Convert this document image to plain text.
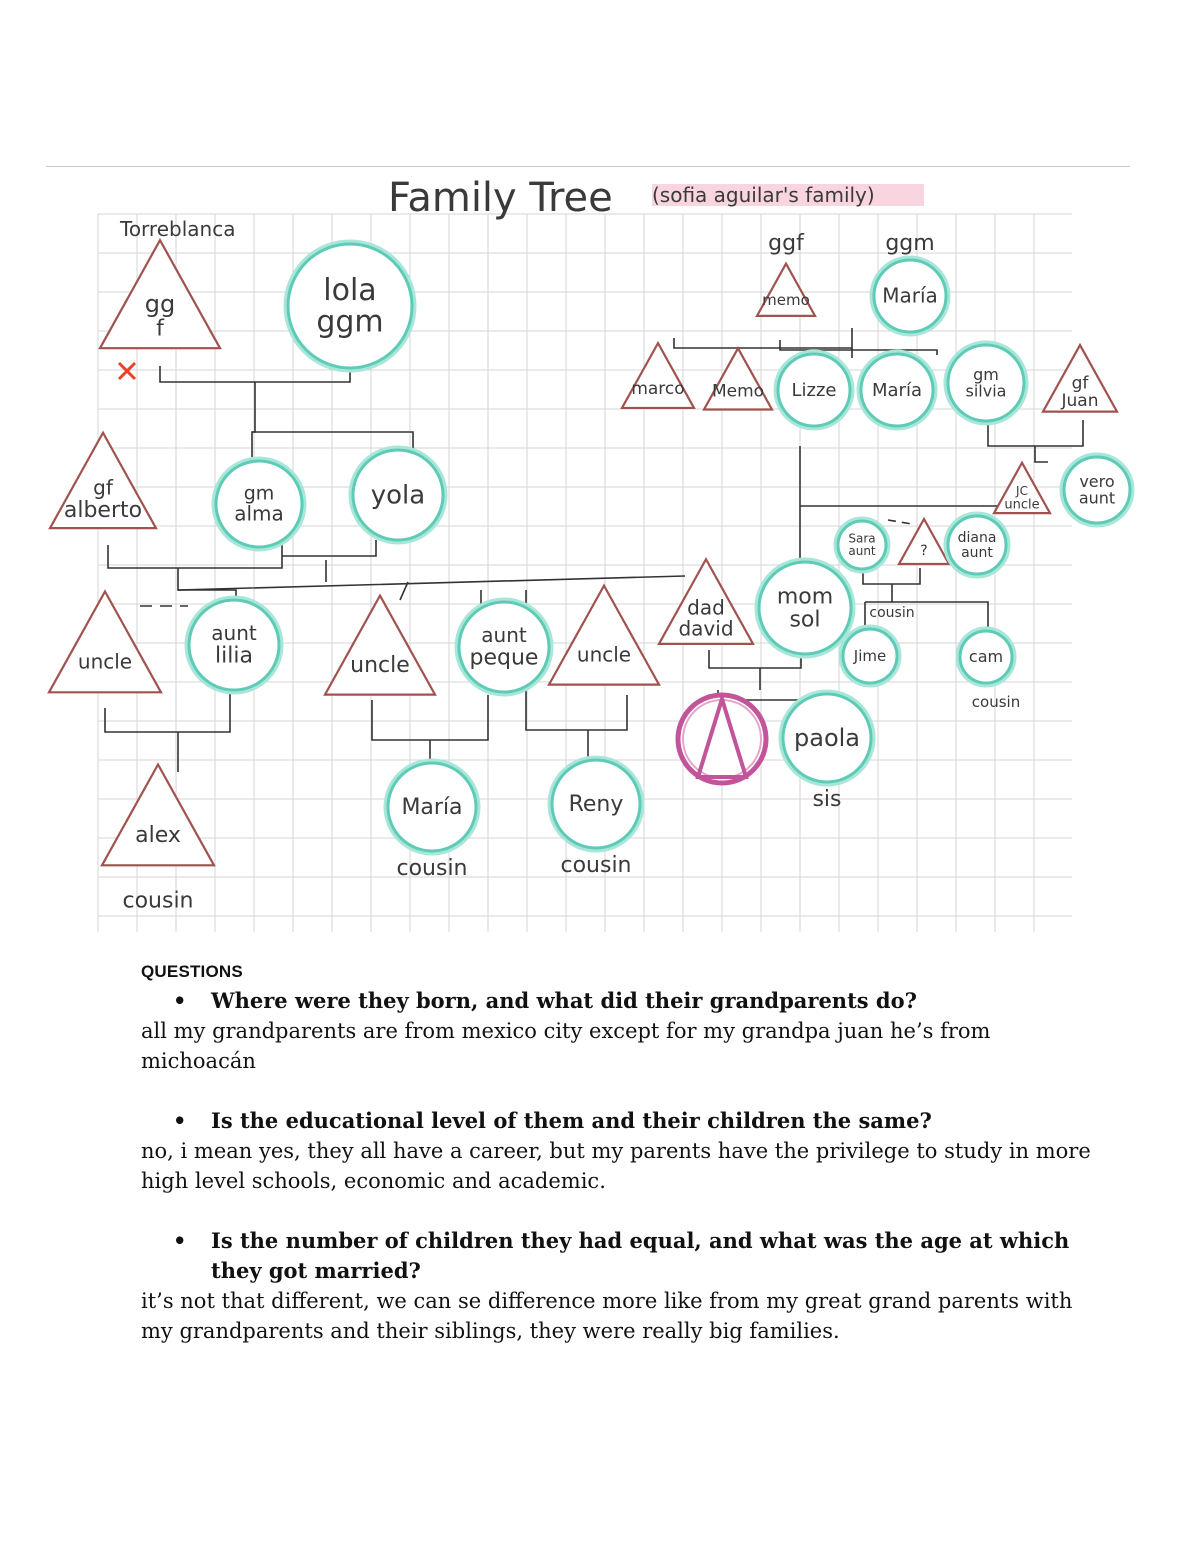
Family Tree (sofia aguilar's family)
Torreblanca
gg
f
lola
ggm
memo
ggf
María
ggm
marco Memo Lizze María
gm
silvia	gf
Juan
gf
alberto
gm
alma
yola	JC
uncle
vero
aunt
Sara
aunt	?
diana
aunt
uncle
aunt
lilia	uncle
aunt
peque uncle
dad
david
mom
sol
Jime
cousin
cam
cousin
paola
sis
alex
cousin
María
cousin
Reny
cousin
QUESTIONS
•	Where were they born, and what did their grandparents do?

all my grandparents are from mexico city except for my grandpa juan he’s from michoacán

•	Is the educational level of them and their children the same?

no, i mean yes, they all have a career, but my parents have the privilege to study in more high level schools, economic and academic.

•	Is the number of children they had equal, and what was the age at which they got married?

it’s not that different, we can se difference more like from my great grand parents with my grandparents and their siblings, they were really big families.
